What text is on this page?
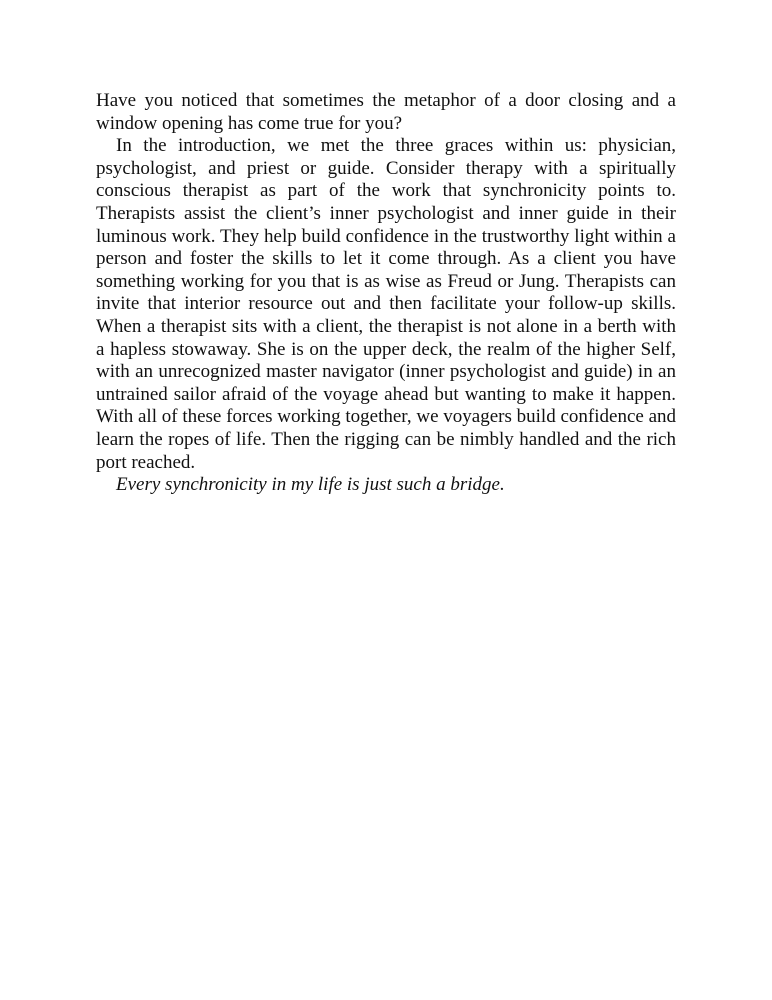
Have you noticed that sometimes the metaphor of a door closing and a window opening has come true for you?

In the introduction, we met the three graces within us: physician, psychologist, and priest or guide. Consider therapy with a spiritually conscious therapist as part of the work that synchronicity points to. Therapists assist the client’s inner psychologist and inner guide in their luminous work. They help build confidence in the trustworthy light within a person and foster the skills to let it come through. As a client you have something working for you that is as wise as Freud or Jung. Therapists can invite that interior resource out and then facilitate your follow-up skills. When a therapist sits with a client, the therapist is not alone in a berth with a hapless stowaway. She is on the upper deck, the realm of the higher Self, with an unrecognized master navigator (inner psychologist and guide) in an untrained sailor afraid of the voyage ahead but wanting to make it happen. With all of these forces working together, we voyagers build confidence and learn the ropes of life. Then the rigging can be nimbly handled and the rich port reached.

Every synchronicity in my life is just such a bridge.
